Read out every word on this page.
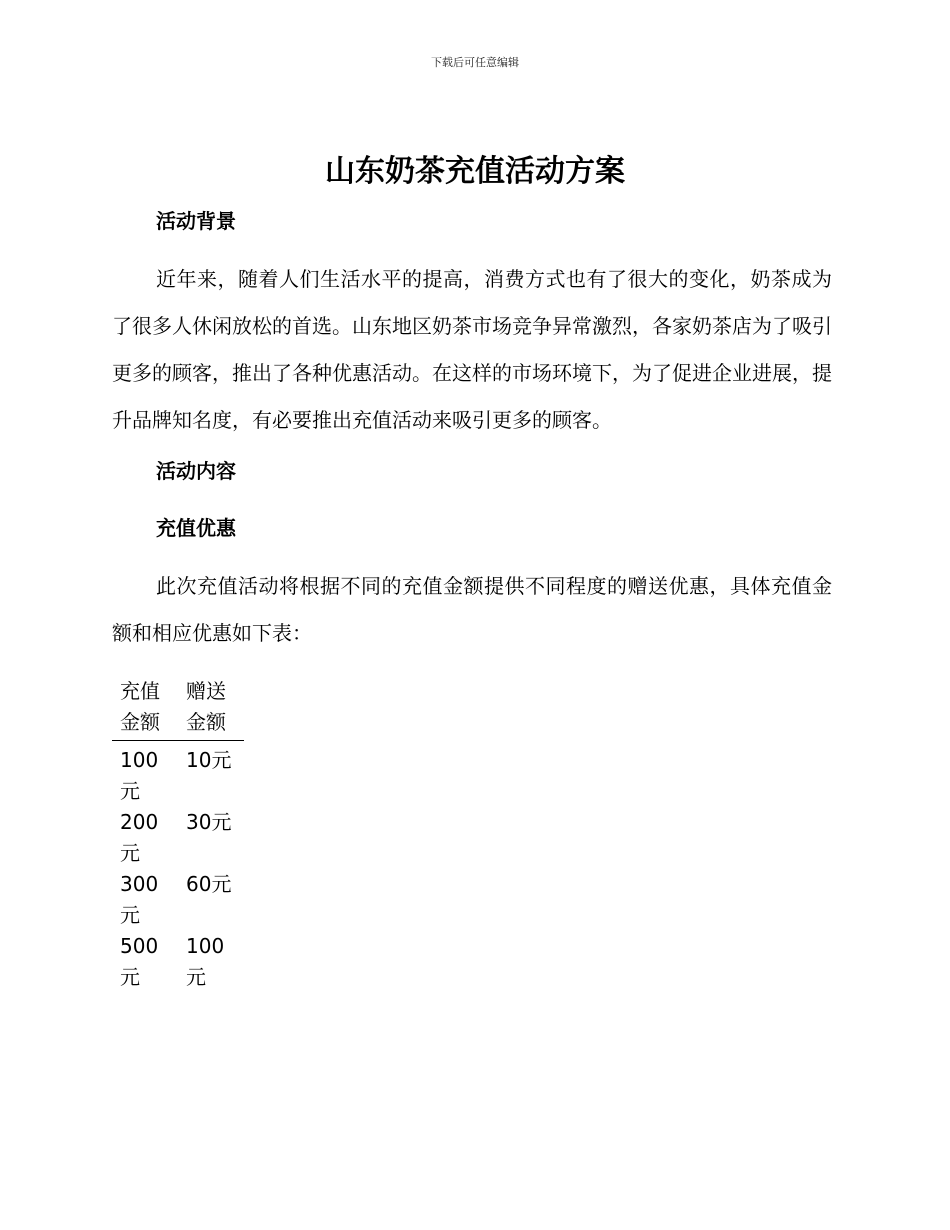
下载后可任意编辑
山东奶茶充值活动方案
活动背景

近年来，随着人们生活水平的提高，消费方式也有了很大的变化，奶茶成为了很多人休闲放松的首选。山东地区奶茶市场竞争异常激烈，各家奶茶店为了吸引更多的顾客，推出了各种优惠活动。在这样的市场环境下，为了促进企业进展，提升品牌知名度，有必要推出充值活动来吸引更多的顾客。

活动内容
充值优惠

此次充值活动将根据不同的充值金额提供不同程度的赠送优惠，具体充值金额和相应优惠如下表：

充值金额	赠送金额
100元	10元
200元	30元
300元	60元
500元	100元
